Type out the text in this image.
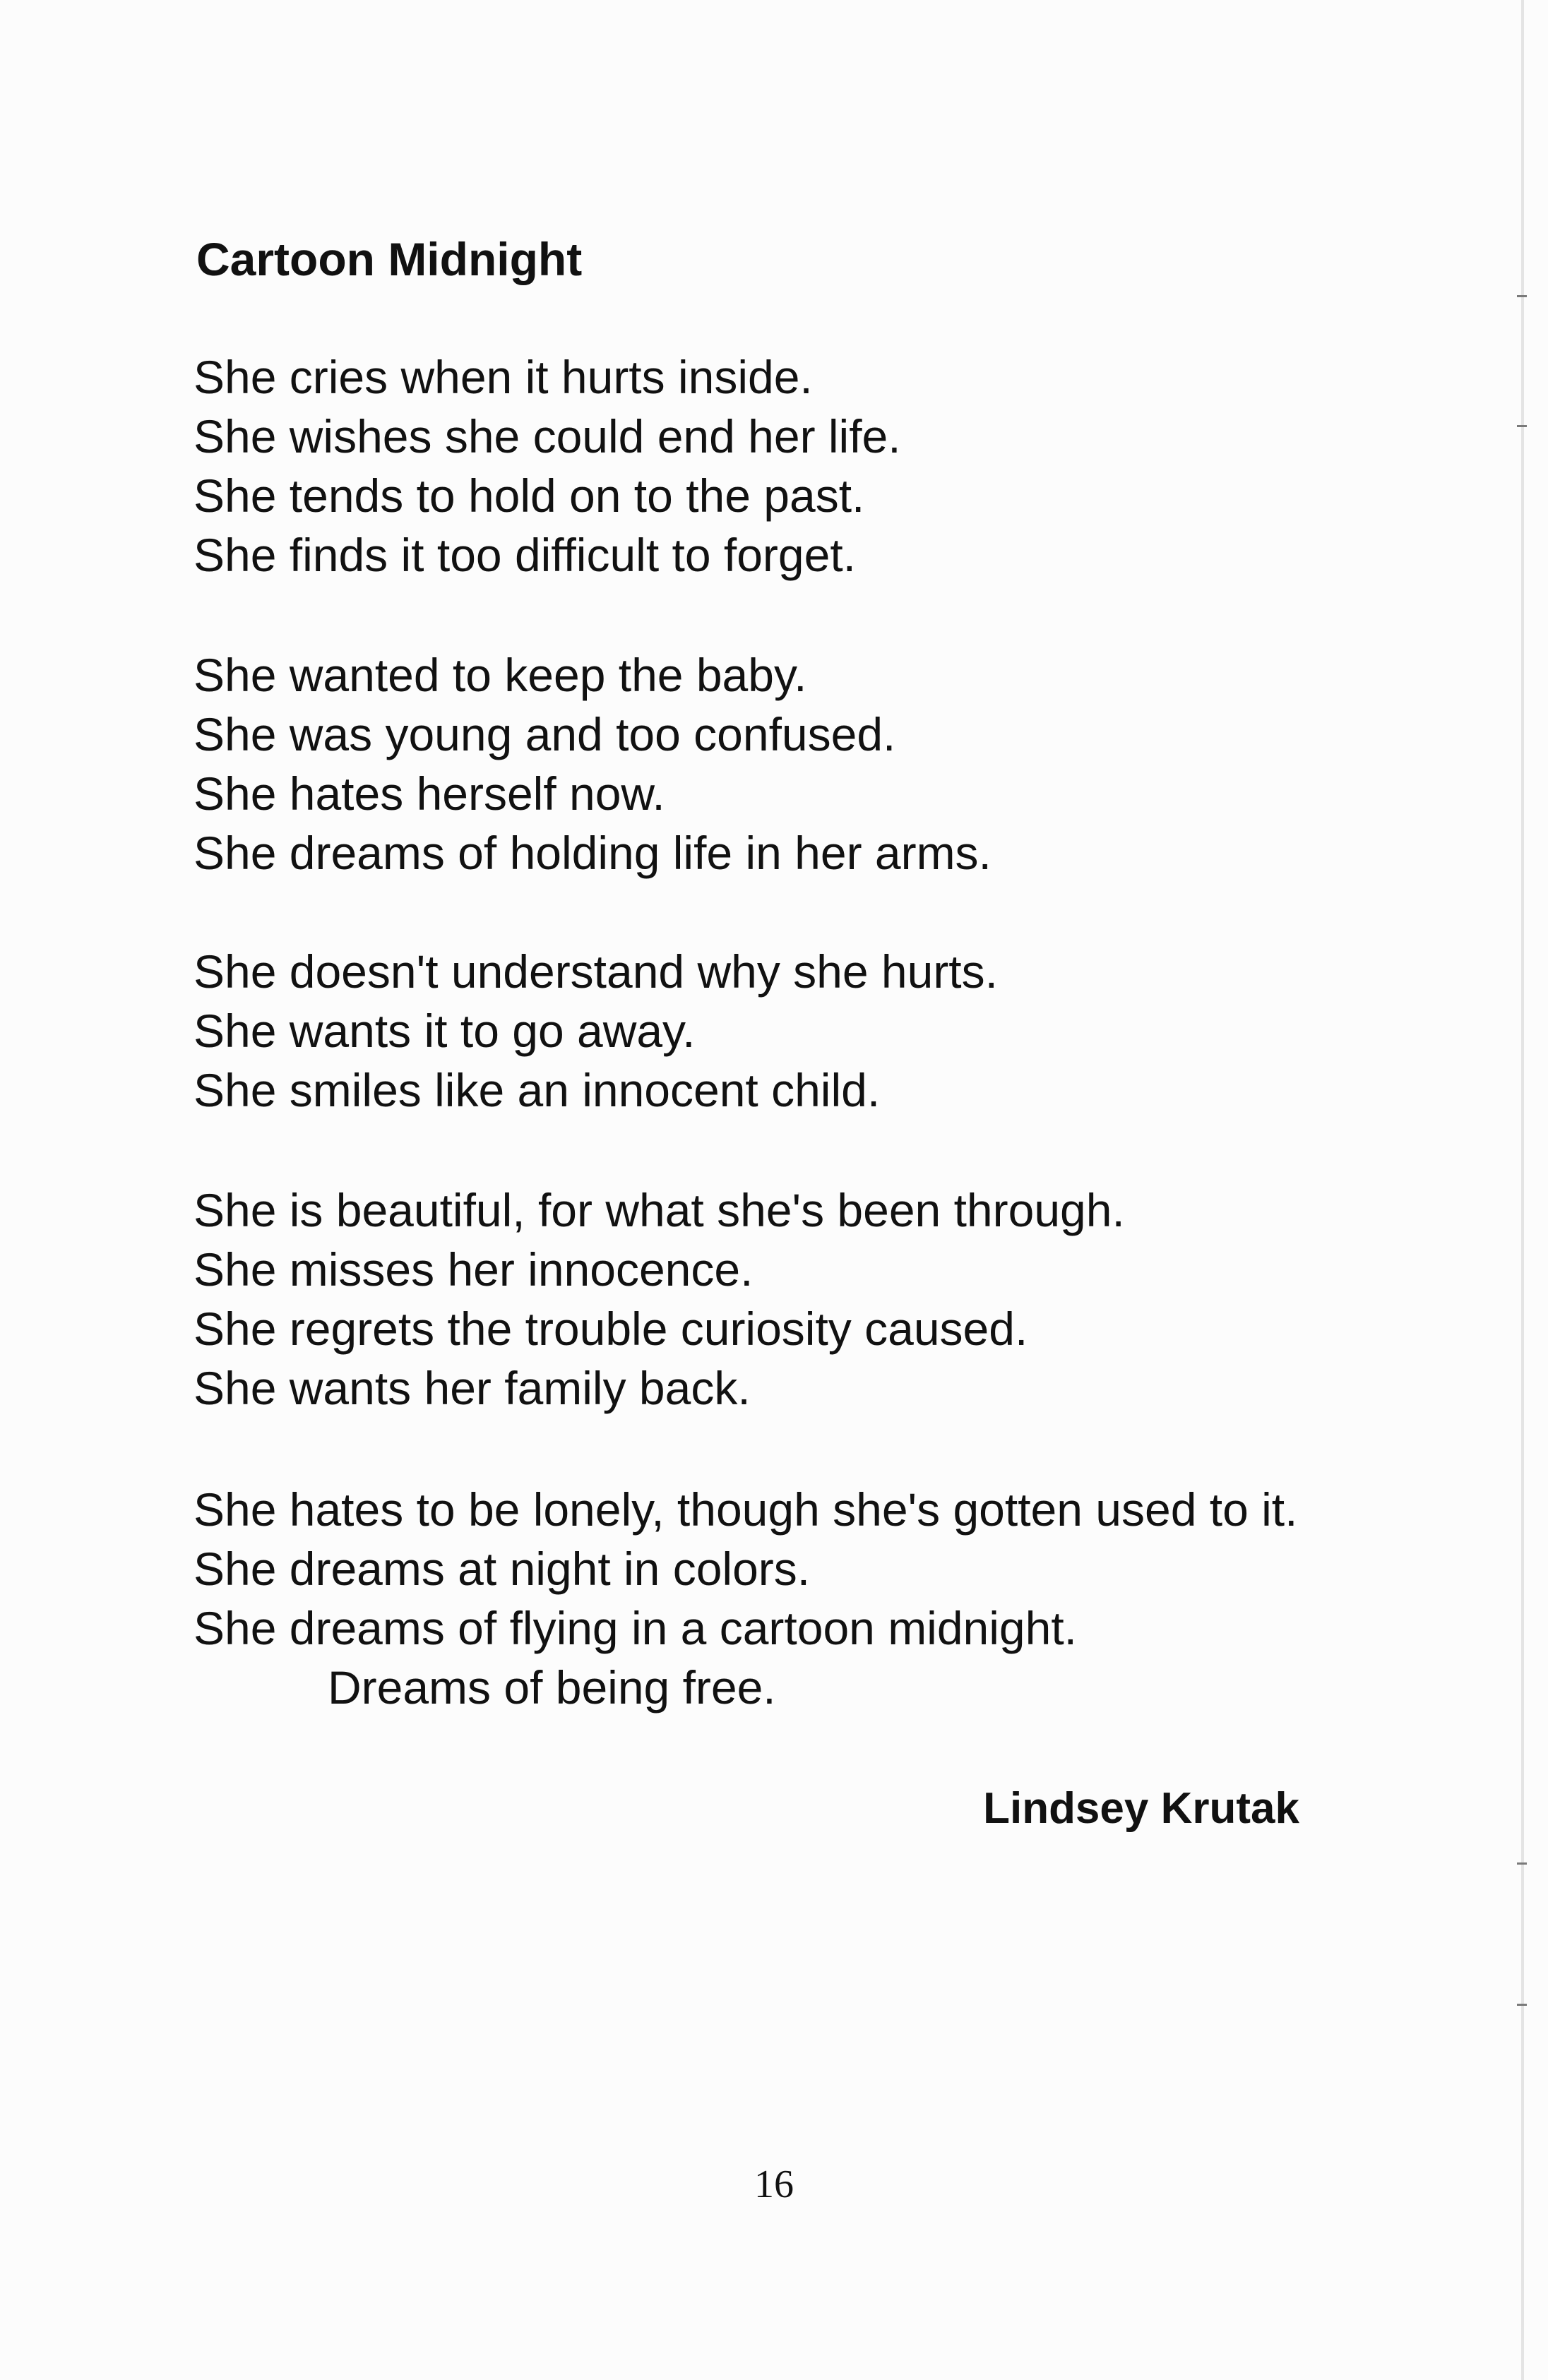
Cartoon Midnight
She cries when it hurts inside.
She wishes she could end her life.
She tends to hold on to the past.
She finds it too difficult to forget.
She wanted to keep the baby.
She was young and too confused.
She hates herself now.
She dreams of holding life in her arms.
She doesn't understand why she hurts.
She wants it to go away.
She smiles like an innocent child.
She is beautiful, for what she's been through.
She misses her innocence.
She regrets the trouble curiosity caused.
She wants her family back.
She hates to be lonely, though she's gotten used to it.
She dreams at night in colors.
She dreams of flying in a cartoon midnight.
Dreams of being free.

Lindsey Krutak

16
